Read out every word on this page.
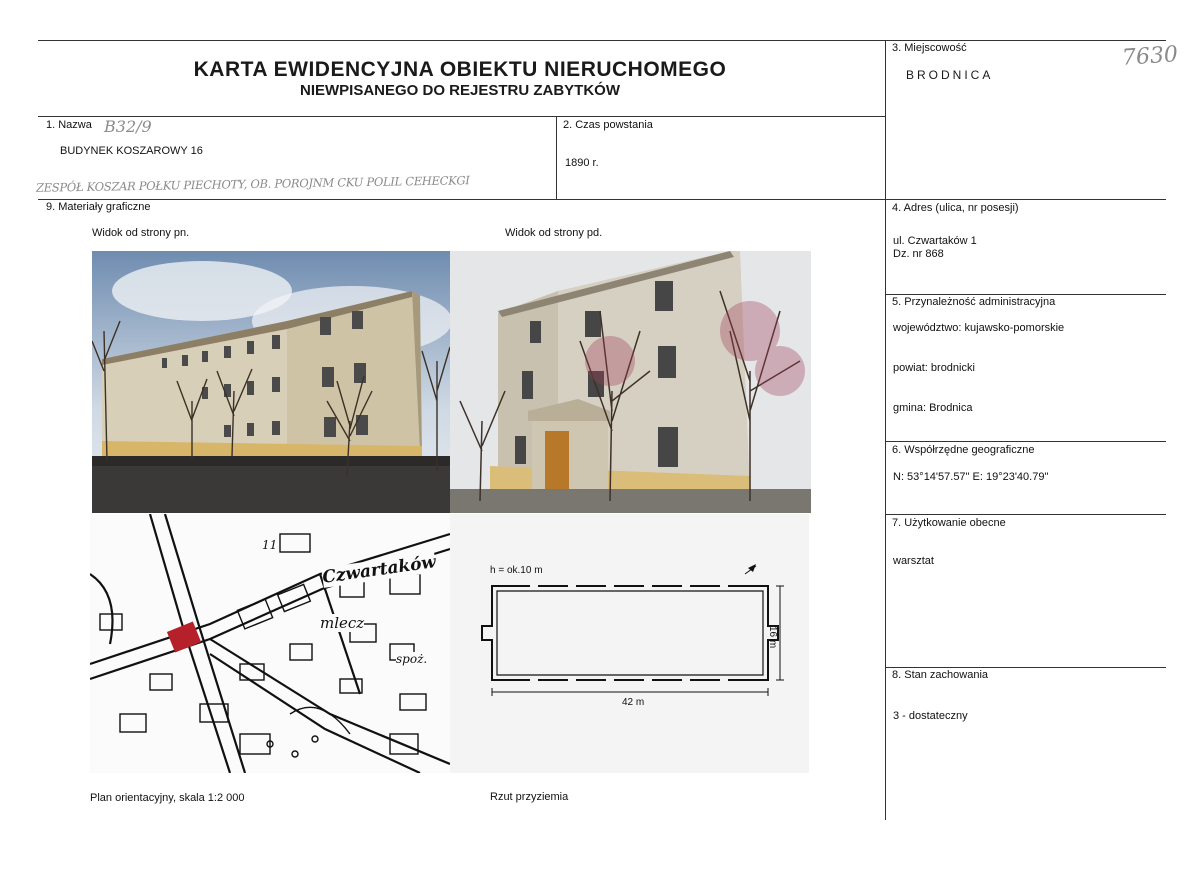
KARTA EWIDENCYJNA OBIEKTU NIERUCHOMEGO
NIEWPISANEGO DO REJESTRU ZABYTKÓW
3. Miejscowość
BRODNICA
7630
1. Nazwa B32/9
BUDYNEK KOSZAROWY 16
ZESPÓŁ KOSZAR POŁKU PIECHOTY, OB. POROJNM CKU POLIL CEHECKGI
2. Czas powstania
1890 r.
4. Adres (ulica, nr posesji)
ul. Czwartaków 1
Dz. nr 868
5. Przynależność administracyjna
województwo: kujawsko-pomorskie
powiat: brodnicki
gmina: Brodnica
6. Współrzędne geograficzne
N: 53°14'57.57" E: 19°23'40.79"
7. Użytkowanie obecne
warsztat
8. Stan zachowania
3 - dostateczny
9. Materiały graficzne
Widok od strony pn.	Widok od strony pd.
Czwartaków
mlecz
spoż.
11
h = ok.10 m
42 m
16 m
Plan orientacyjny, skala 1:2 000	Rzut przyziemia
